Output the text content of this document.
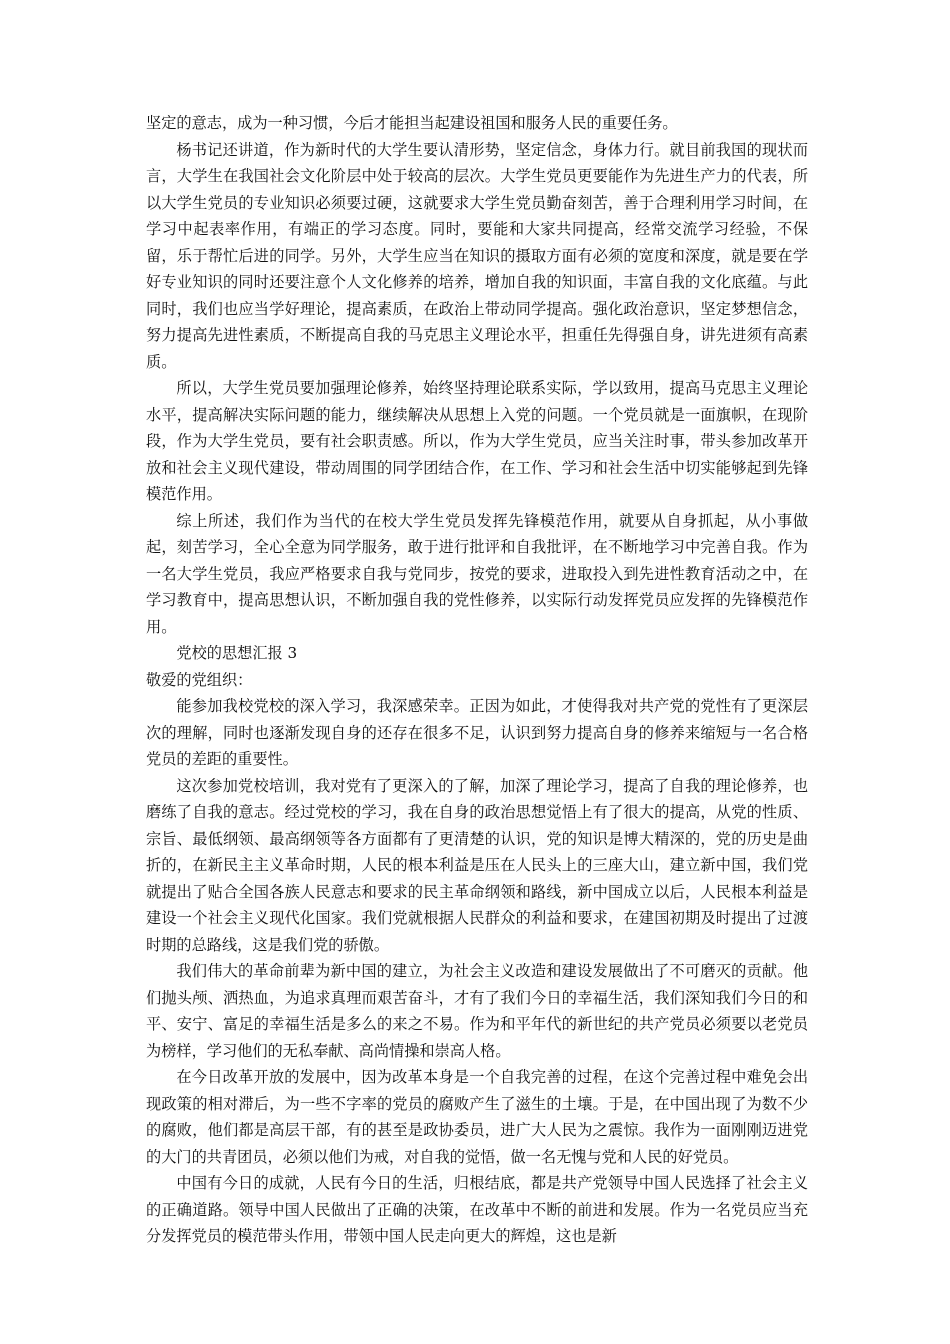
坚定的意志，成为一种习惯，今后才能担当起建设祖国和服务人民的重要任务。

杨书记还讲道，作为新时代的大学生要认清形势，坚定信念，身体力行。就目前我国的现状而言，大学生在我国社会文化阶层中处于较高的层次。大学生党员更要能作为先进生产力的代表，所以大学生党员的专业知识必须要过硬，这就要求大学生党员勤奋刻苦，善于合理利用学习时间，在学习中起表率作用，有端正的学习态度。同时，要能和大家共同提高，经常交流学习经验，不保留，乐于帮忙后进的同学。另外，大学生应当在知识的摄取方面有必须的宽度和深度，就是要在学好专业知识的同时还要注意个人文化修养的培养，增加自我的知识面，丰富自我的文化底蕴。与此同时，我们也应当学好理论，提高素质，在政治上带动同学提高。强化政治意识，坚定梦想信念，努力提高先进性素质，不断提高自我的马克思主义理论水平，担重任先得强自身，讲先进须有高素质。

所以，大学生党员要加强理论修养，始终坚持理论联系实际，学以致用，提高马克思主义理论水平，提高解决实际问题的能力，继续解决从思想上入党的问题。一个党员就是一面旗帜，在现阶段，作为大学生党员，要有社会职责感。所以，作为大学生党员，应当关注时事，带头参加改革开放和社会主义现代建设，带动周围的同学团结合作，在工作、学习和社会生活中切实能够起到先锋模范作用。

综上所述，我们作为当代的在校大学生党员发挥先锋模范作用，就要从自身抓起，从小事做起，刻苦学习，全心全意为同学服务，敢于进行批评和自我批评，在不断地学习中完善自我。作为一名大学生党员，我应严格要求自我与党同步，按党的要求，进取投入到先进性教育活动之中，在学习教育中，提高思想认识，不断加强自我的党性修养，以实际行动发挥党员应发挥的先锋模范作用。

党校的思想汇报 3

敬爱的党组织：

能参加我校党校的深入学习，我深感荣幸。正因为如此，才使得我对共产党的党性有了更深层次的理解，同时也逐渐发现自身的还存在很多不足，认识到努力提高自身的修养来缩短与一名合格党员的差距的重要性。

这次参加党校培训，我对党有了更深入的了解，加深了理论学习，提高了自我的理论修养，也磨练了自我的意志。经过党校的学习，我在自身的政治思想觉悟上有了很大的提高，从党的性质、宗旨、最低纲领、最高纲领等各方面都有了更清楚的认识，党的知识是博大精深的，党的历史是曲折的，在新民主主义革命时期，人民的根本利益是压在人民头上的三座大山，建立新中国，我们党就提出了贴合全国各族人民意志和要求的民主革命纲领和路线，新中国成立以后，人民根本利益是建设一个社会主义现代化国家。我们党就根据人民群众的利益和要求，在建国初期及时提出了过渡时期的总路线，这是我们党的骄傲。

我们伟大的革命前辈为新中国的建立，为社会主义改造和建设发展做出了不可磨灭的贡献。他们抛头颅、洒热血，为追求真理而艰苦奋斗，才有了我们今日的幸福生活，我们深知我们今日的和平、安宁、富足的幸福生活是多么的来之不易。作为和平年代的新世纪的共产党员必须要以老党员为榜样，学习他们的无私奉献、高尚情操和崇高人格。

在今日改革开放的发展中，因为改革本身是一个自我完善的过程，在这个完善过程中难免会出现政策的相对滞后，为一些不字率的党员的腐败产生了滋生的土壤。于是，在中国出现了为数不少的腐败，他们都是高层干部，有的甚至是政协委员，进广大人民为之震惊。我作为一面刚刚迈进党的大门的共青团员，必须以他们为戒，对自我的觉悟，做一名无愧与党和人民的好党员。

中国有今日的成就，人民有今日的生活，归根结底，都是共产党领导中国人民选择了社会主义的正确道路。领导中国人民做出了正确的决策，在改革中不断的前进和发展。作为一名党员应当充分发挥党员的模范带头作用，带领中国人民走向更大的辉煌，这也是新
